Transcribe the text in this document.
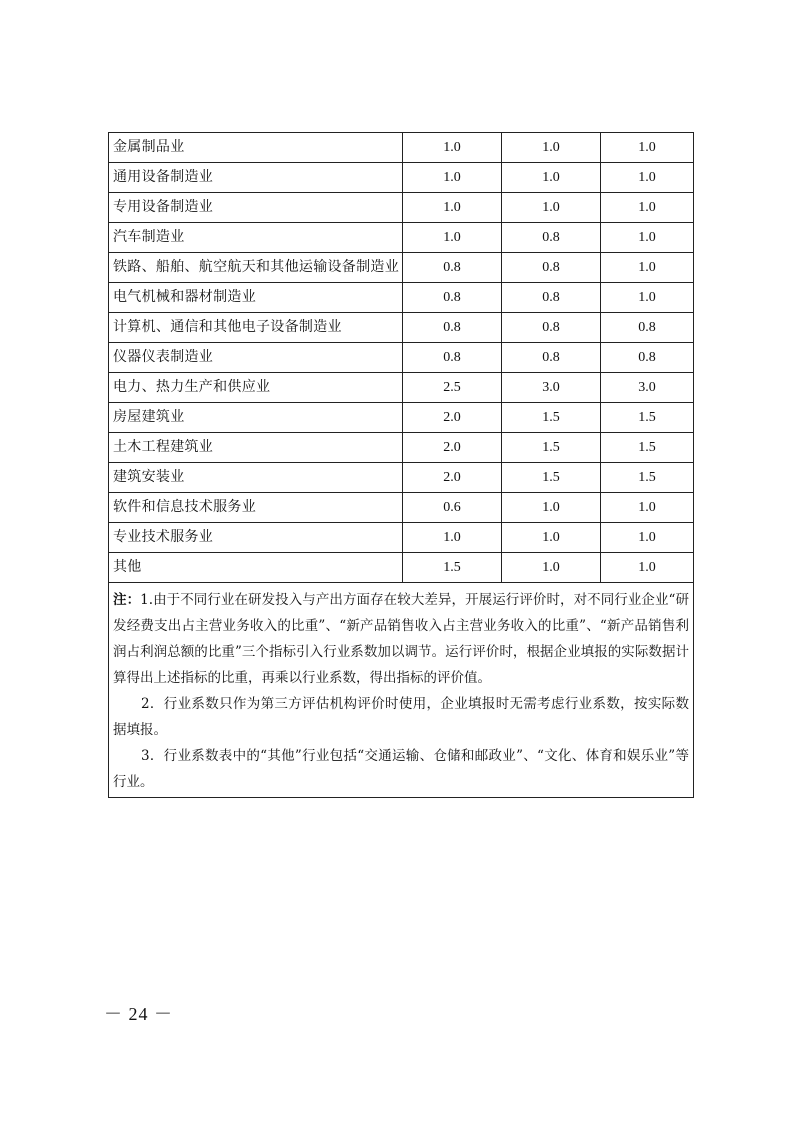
金属制品业	1.0	1.0	1.0
通用设备制造业	1.0	1.0	1.0
专用设备制造业	1.0	1.0	1.0
汽车制造业	1.0	0.8	1.0
铁路、船舶、航空航天和其他运输设备制造业	0.8	0.8	1.0
电气机械和器材制造业	0.8	0.8	1.0
计算机、通信和其他电子设备制造业	0.8	0.8	0.8
仪器仪表制造业	0.8	0.8	0.8
电力、热力生产和供应业	2.5	3.0	3.0
房屋建筑业	2.0	1.5	1.5
土木工程建筑业	2.0	1.5	1.5
建筑安装业	2.0	1.5	1.5
软件和信息技术服务业	0.6	1.0	1.0
专业技术服务业	1.0	1.0	1.0
其他	1.5	1.0	1.0

注：1.由于不同行业在研发投入与产出方面存在较大差异，开展运行评价时，对不同行业企业“研发经费支出占主营业务收入的比重”、“新产品销售收入占主营业务收入的比重”、“新产品销售利润占利润总额的比重”三个指标引入行业系数加以调节。运行评价时，根据企业填报的实际数据计算得出上述指标的比重，再乘以行业系数，得出指标的评价值。

2．行业系数只作为第三方评估机构评价时使用，企业填报时无需考虑行业系数，按实际数据填报。

3．行业系数表中的“其他”行业包括“交通运输、仓储和邮政业”、“文化、体育和娱乐业”等行业。			

－ 24 －
